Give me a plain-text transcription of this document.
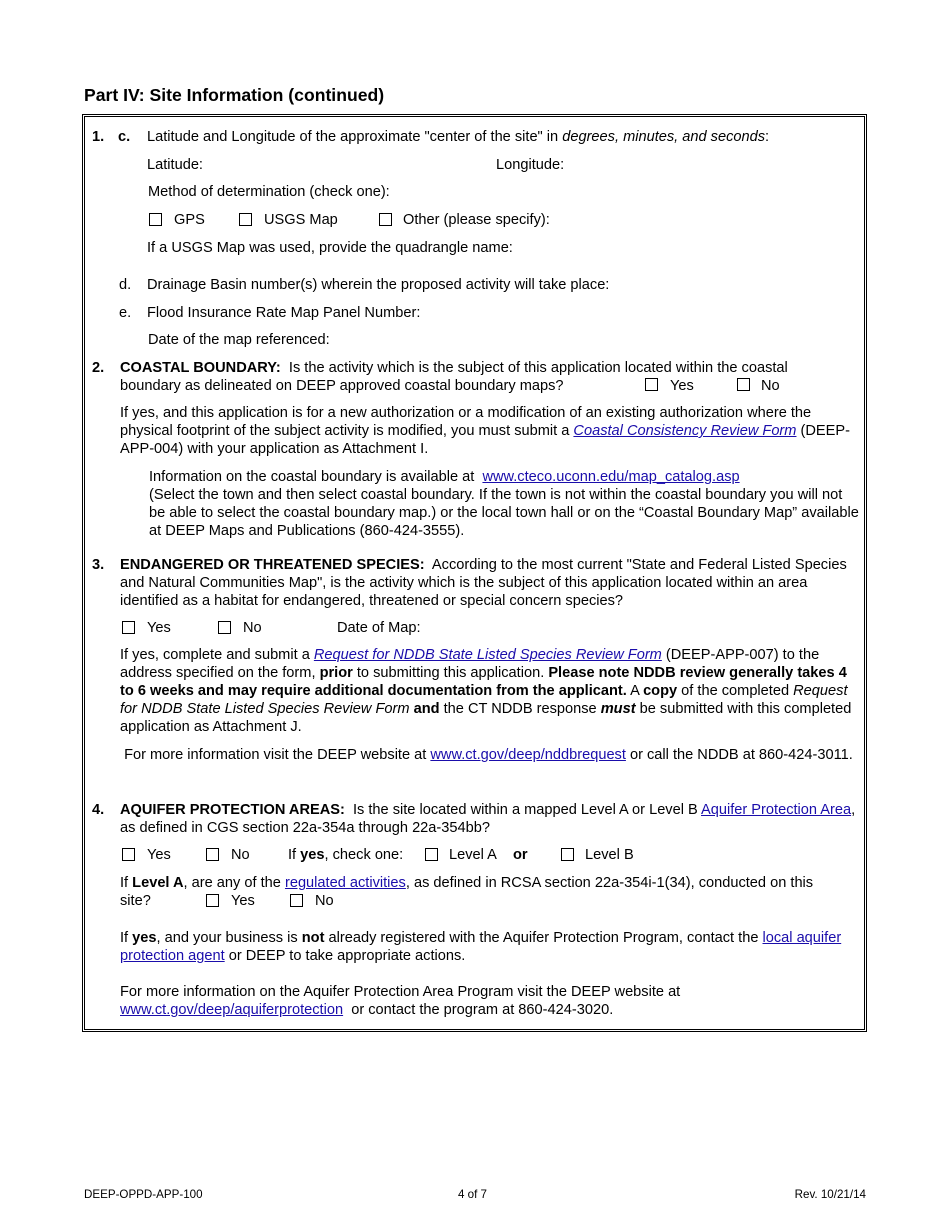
Part IV: Site Information (continued)
1. c. Latitude and Longitude of the approximate "center of the site" in degrees, minutes, and seconds:
Latitude:	Longitude:
Method of determination (check one):
GPS	USGS Map	Other (please specify):
If a USGS Map was used, provide the quadrangle name:
d. Drainage Basin number(s) wherein the proposed activity will take place:
e. Flood Insurance Rate Map Panel Number:
Date of the map referenced:
2. COASTAL BOUNDARY: Is the activity which is the subject of this application located within the coastal
boundary as delineated on DEEP approved coastal boundary maps?	Yes	No
If yes, and this application is for a new authorization or a modification of an existing authorization where the physical footprint of the subject activity is modified, you must submit a Coastal Consistency Review Form (DEEP-APP-004) with your application as Attachment I.
Information on the coastal boundary is available at www.cteco.uconn.edu/map_catalog.asp
(Select the town and then select coastal boundary. If the town is not within the coastal boundary you will not be able to select the coastal boundary map.) or the local town hall or on the “Coastal Boundary Map” available at DEEP Maps and Publications (860-424-3555).
3. ENDANGERED OR THREATENED SPECIES: According to the most current "State and Federal Listed Species and Natural Communities Map", is the activity which is the subject of this application located within an area identified as a habitat for endangered, threatened or special concern species?
Yes	No	Date of Map:
If yes, complete and submit a Request for NDDB State Listed Species Review Form (DEEP-APP-007) to the address specified on the form, prior to submitting this application. Please note NDDB review generally takes 4 to 6 weeks and may require additional documentation from the applicant. A copy of the completed Request for NDDB State Listed Species Review Form and the CT NDDB response must be submitted with this completed application as Attachment J.
For more information visit the DEEP website at www.ct.gov/deep/nddbrequest or call the NDDB at 860-424-3011.
4. AQUIFER PROTECTION AREAS: Is the site located within a mapped Level A or Level B Aquifer Protection Area, as defined in CGS section 22a-354a through 22a-354bb?
Yes	No	If yes, check one:	Level A or	Level B
If Level A, are any of the regulated activities, as defined in RCSA section 22a-354i-1(34), conducted on this
site?	Yes	No
If yes, and your business is not already registered with the Aquifer Protection Program, contact the local aquifer protection agent or DEEP to take appropriate actions.
For more information on the Aquifer Protection Area Program visit the DEEP website at
www.ct.gov/deep/aquiferprotection or contact the program at 860-424-3020.
DEEP-OPPD-APP-100	4 of 7	Rev. 10/21/14
